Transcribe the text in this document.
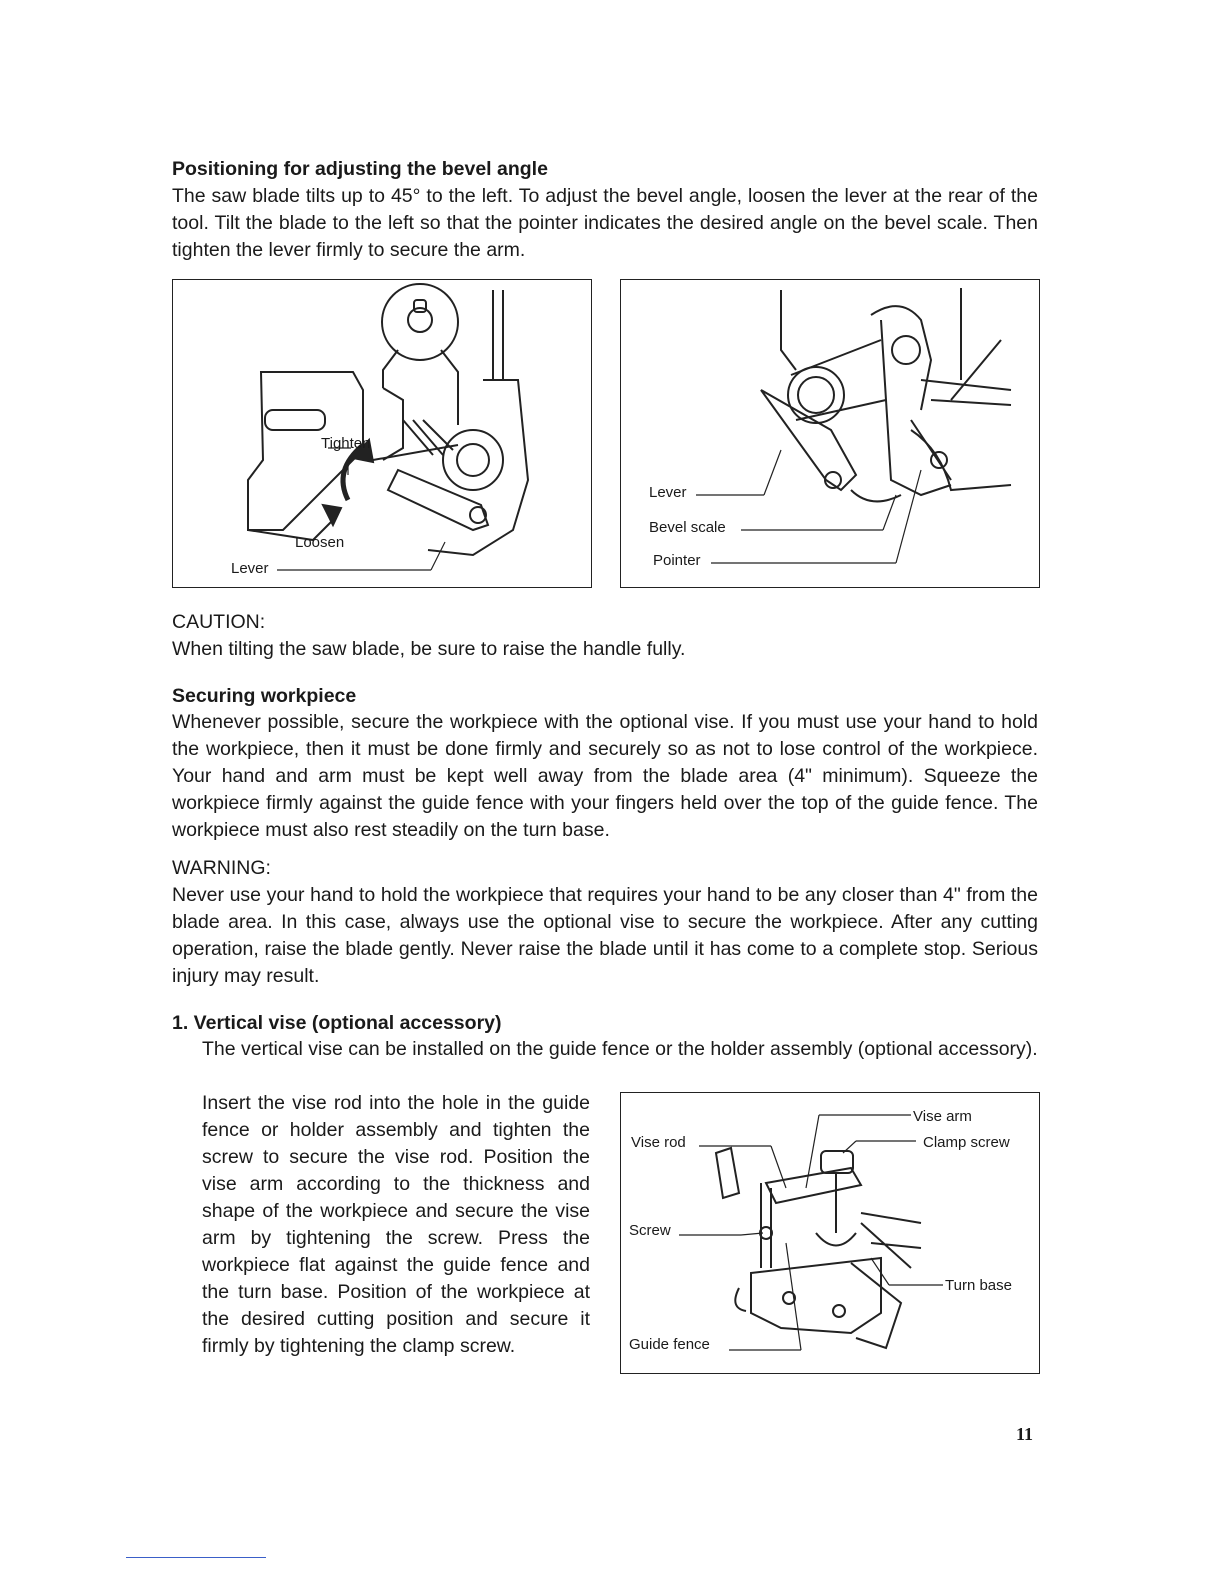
Positioning for adjusting the bevel angle

The saw blade tilts up to 45° to the left. To adjust the bevel angle, loosen the lever at the rear of the tool. Tilt the blade to the left so that the pointer indicates the desired angle on the bevel scale. Then tighten the lever firmly to secure the arm.

Tighten
Loosen
Lever
Lever
Bevel scale
Pointer

CAUTION:

When tilting the saw blade, be sure to raise the handle fully.

Securing workpiece

Whenever possible, secure the workpiece with the optional vise. If you must use your hand to hold the workpiece, then it must be done firmly and securely so as not to lose control of the workpiece. Your hand and arm must be kept well away from the blade area (4" minimum). Squeeze the workpiece firmly against the guide fence with your fingers held over the top of the guide fence. The workpiece must also rest steadily on the turn base.

WARNING:

Never use your hand to hold the workpiece that requires your hand to be any closer than 4" from the blade area. In this case, always use the optional vise to secure the workpiece. After any cutting operation, raise the blade gently. Never raise the blade until it has come to a complete stop. Serious injury may result.

1. Vertical vise (optional accessory)

The vertical vise can be installed on the guide fence or the holder assembly (optional accessory).

Insert the vise rod into the hole in the guide fence or holder assembly and tighten the screw to secure the vise rod. Position the vise arm according to the thickness and shape of the workpiece and secure the vise arm by tightening the screw. Press the workpiece flat against the guide fence and the turn base. Position of the workpiece at the desired cutting position and secure it firmly by tightening the clamp screw.

Vise arm
Vise rod	Clamp screw
Screw
Turn base
Guide fence
11
